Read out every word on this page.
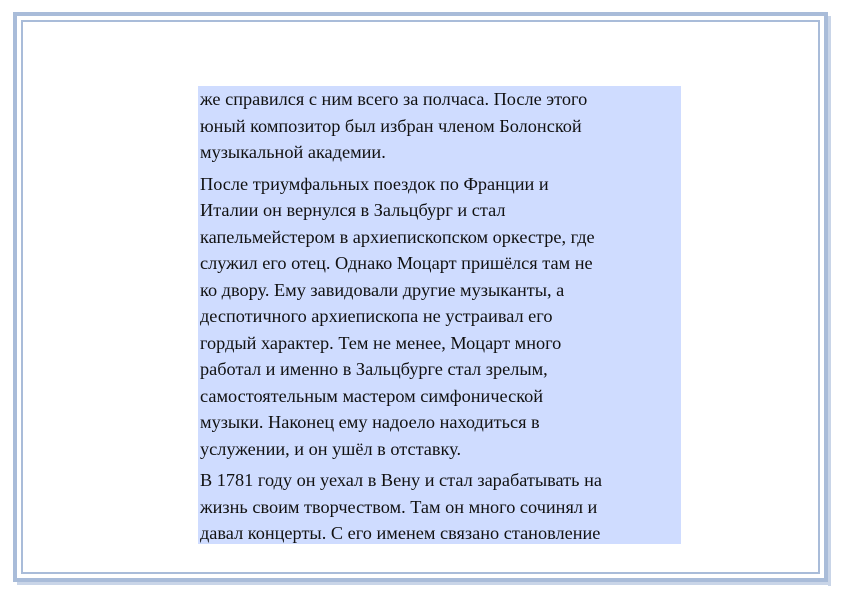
же справился с ним всего за полчаса. После этого
юный композитор был избран членом Болонской
музыкальной академии.

После триумфальных поездок по Франции и
Италии он вернулся в Зальцбург и стал
капельмейстером в архиепископском оркестре, где
служил его отец. Однако Моцарт пришёлся там не
ко двору. Ему завидовали другие музыканты, а
деспотичного архиепископа не устраивал его
гордый характер. Тем не менее, Моцарт много
работал и именно в Зальцбурге стал зрелым,
самостоятельным мастером симфонической
музыки. Наконец ему надоело находиться в
услужении, и он ушёл в отставку.

В 1781 году он уехал в Вену и стал зарабатывать на
жизнь своим творчеством. Там он много сочинял и
давал концерты. С его именем связано становление
